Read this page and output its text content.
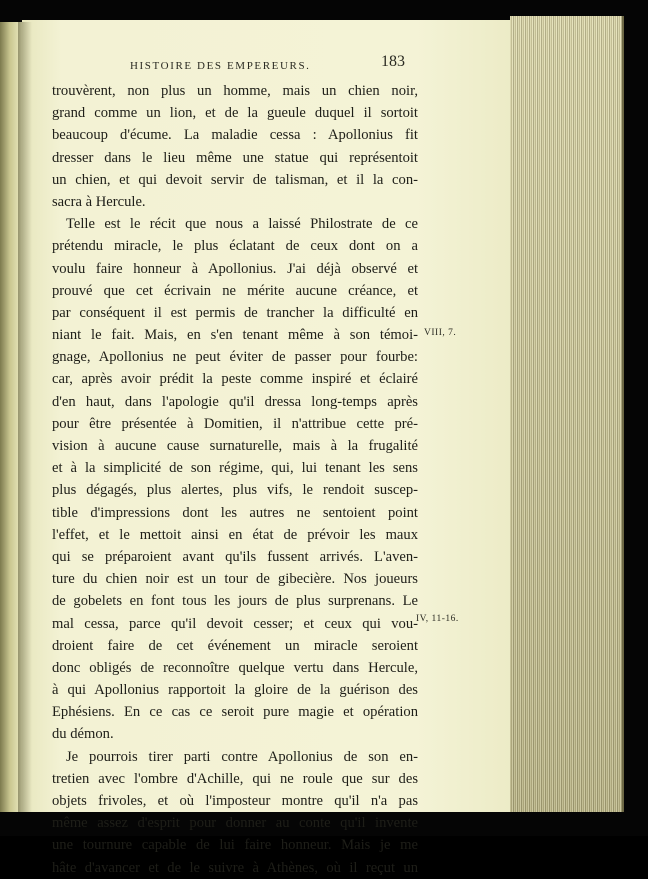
HISTOIRE DES EMPEREURS.	183
trouvèrent, non plus un homme, mais un chien noir,
grand comme un lion, et de la gueule duquel il sortoit
beaucoup d'écume. La maladie cessa : Apollonius fit
dresser dans le lieu même une statue qui représentoit
un chien, et qui devoit servir de talisman, et il la con-
sacra à Hercule.
Telle est le récit que nous a laissé Philostrate de ce
prétendu miracle, le plus éclatant de ceux dont on a
voulu faire honneur à Apollonius. J'ai déjà observé et
prouvé que cet écrivain ne mérite aucune créance, et
par conséquent il est permis de trancher la difficulté en
niant le fait. Mais, en s'en tenant même à son témoi-
gnage, Apollonius ne peut éviter de passer pour fourbe:
car, après avoir prédit la peste comme inspiré et éclairé
d'en haut, dans l'apologie qu'il dressa long-temps après
pour être présentée à Domitien, il n'attribue cette pré-
vision à aucune cause surnaturelle, mais à la frugalité
et à la simplicité de son régime, qui, lui tenant les sens
plus dégagés, plus alertes, plus vifs, le rendoit suscep-
tible d'impressions dont les autres ne sentoient point
l'effet, et le mettoit ainsi en état de prévoir les maux
qui se préparoient avant qu'ils fussent arrivés. L'aven-
ture du chien noir est un tour de gibecière. Nos joueurs
de gobelets en font tous les jours de plus surprenans. Le
mal cessa, parce qu'il devoit cesser; et ceux qui vou-
droient faire de cet événement un miracle seroient
donc obligés de reconnoître quelque vertu dans Hercule,
à qui Apollonius rapportoit la gloire de la guérison des
Ephésiens. En ce cas ce seroit pure magie et opération
du démon.
Je pourrois tirer parti contre Apollonius de son en-
tretien avec l'ombre d'Achille, qui ne roule que sur des
objets frivoles, et où l'imposteur montre qu'il n'a pas
même assez d'esprit pour donner au conte qu'il invente
une tournure capable de lui faire honneur. Mais je me
hâte d'avancer et de le suivre à Athènes, où il reçut un
VIII, 7.
IV, 11-16.
